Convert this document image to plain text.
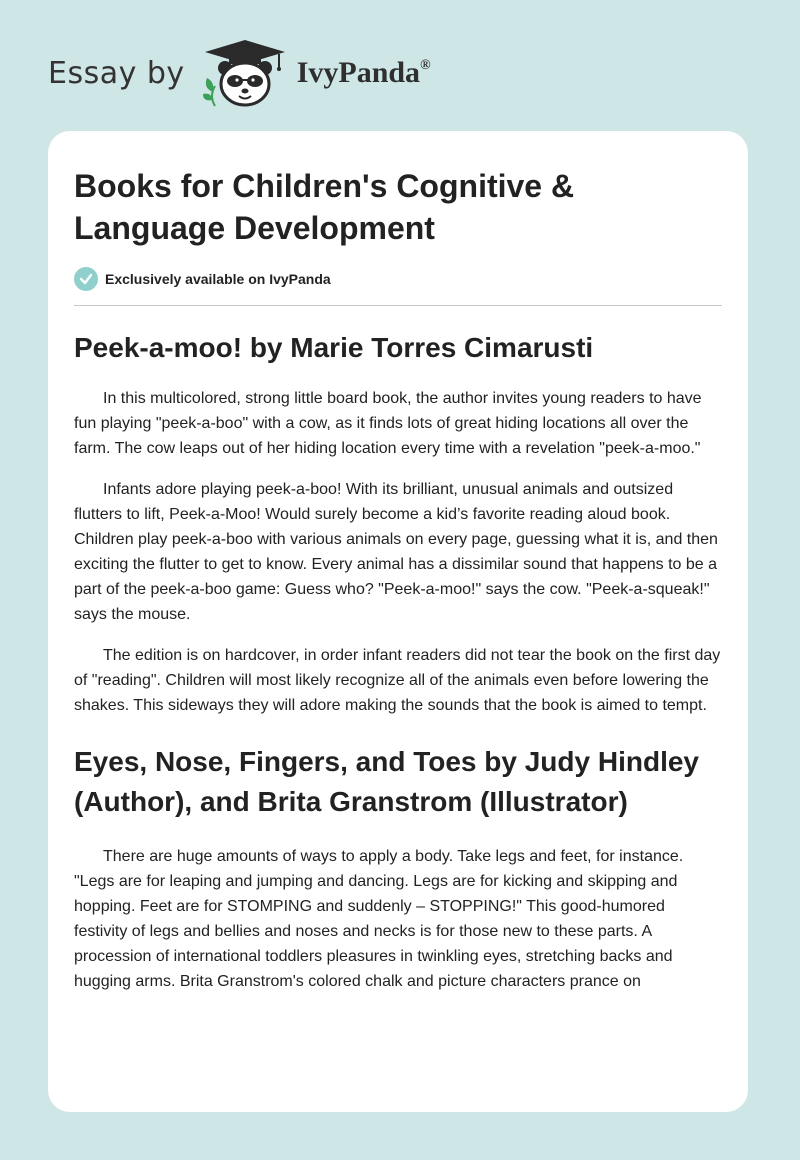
Essay by	IvyPanda®
Books for Children's Cognitive & Language Development
Exclusively available on IvyPanda
Peek-a-moo! by Marie Torres Cimarusti

In this multicolored, strong little board book, the author invites young readers to have fun playing "peek-a-boo" with a cow, as it finds lots of great hiding locations all over the farm. The cow leaps out of her hiding location every time with a revelation "peek-a-moo."

Infants adore playing peek-a-boo! With its brilliant, unusual animals and outsized flutters to lift, Peek-a-Moo! Would surely become a kid’s favorite reading aloud book. Children play peek-a-boo with various animals on every page, guessing what it is, and then exciting the flutter to get to know. Every animal has a dissimilar sound that happens to be a part of the peek-a-boo game: Guess who? "Peek-a-moo!" says the cow. "Peek-a-squeak!" says the mouse.

The edition is on hardcover, in order infant readers did not tear the book on the first day of "reading". Children will most likely recognize all of the animals even before lowering the shakes. This sideways they will adore making the sounds that the book is aimed to tempt.

Eyes, Nose, Fingers, and Toes by Judy Hindley (Author), and Brita Granstrom (Illustrator)

There are huge amounts of ways to apply a body. Take legs and feet, for instance. "Legs are for leaping and jumping and dancing. Legs are for kicking and skipping and hopping. Feet are for STOMPING and suddenly – STOPPING!" This good-humored festivity of legs and bellies and noses and necks is for those new to these parts. A procession of international toddlers pleasures in twinkling eyes, stretching backs and hugging arms. Brita Granstrom's colored chalk and picture characters prance on
